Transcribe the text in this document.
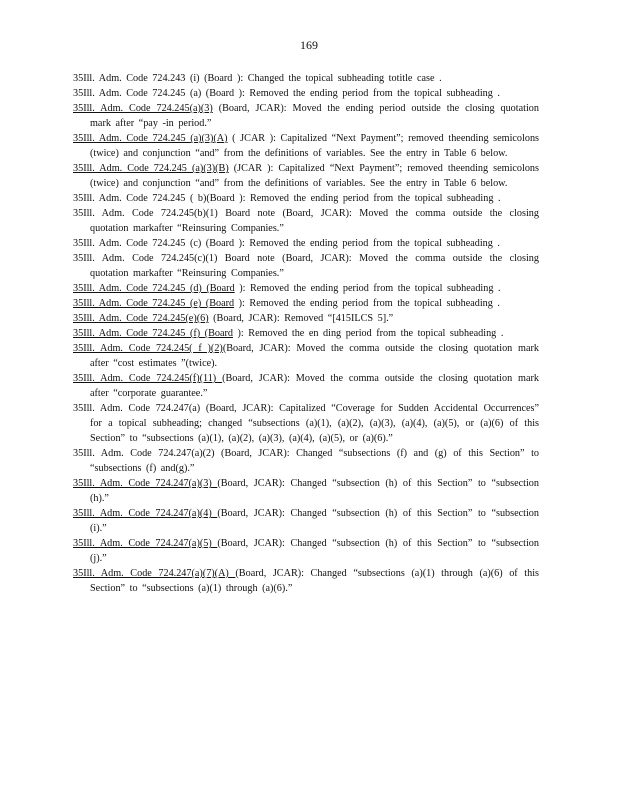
169

35Ill. Adm. Code 724.243 (i) (Board ): Changed the topical subheading totitle case .

35Ill. Adm. Code 724.245 (a) (Board ): Removed the ending period from the topical subheading .

35Ill. Adm. Code 724.245(a)(3) (Board, JCAR): Moved the ending period outside the closing quotation mark after “pay -in period.”

35Ill. Adm. Code 724.245 (a)(3)(A) ( JCAR ): Capitalized “Next Payment”; removed theending semicolons (twice) and conjunction “and” from the definitions of variables. See the entry in Table 6 below.

35Ill. Adm. Code 724.245 (a)(3)(B) (JCAR ): Capitalized “Next Payment”; removed theending semicolons (twice) and conjunction “and” from the definitions of variables. See the entry in Table 6 below.

35Ill. Adm. Code 724.245 ( b)(Board ): Removed the ending period from the topical subheading .

35Ill. Adm. Code 724.245(b)(1) Board note (Board, JCAR): Moved the comma outside the closing quotation markafter “Reinsuring Companies.”

35Ill. Adm. Code 724.245 (c) (Board ): Removed the ending period from the topical subheading .

35Ill. Adm. Code 724.245(c)(1) Board note (Board, JCAR): Moved the comma outside the closing quotation markafter “Reinsuring Companies.”

35Ill. Adm. Code 724.245 (d) (Board ): Removed the ending period from the topical subheading .

35Ill. Adm. Code 724.245 (e) (Board ): Removed the ending period from the topical subheading .

35Ill. Adm. Code 724.245(e)(6) (Board, JCAR): Removed “[415ILCS 5].”

35Ill. Adm. Code 724.245 (f) (Board ): Removed the en ding period from the topical subheading .

35Ill. Adm. Code 724.245( f )(2)(Board, JCAR): Moved the comma outside the closing quotation mark after “cost estimates ”(twice).

35Ill. Adm. Code 724.245(f)(11) (Board, JCAR): Moved the comma outside the closing quotation mark after “corporate guarantee.”

35Ill. Adm. Code 724.247(a) (Board, JCAR): Capitalized “Coverage for Sudden Accidental Occurrences” for a topical subheading; changed “subsections (a)(1), (a)(2), (a)(3), (a)(4), (a)(5), or (a)(6) of this Section” to “subsections (a)(1), (a)(2), (a)(3), (a)(4), (a)(5), or (a)(6).”

35Ill. Adm. Code 724.247(a)(2) (Board, JCAR): Changed “subsections (f) and (g) of this Section” to “subsections (f) and(g).”

35Ill. Adm. Code 724.247(a)(3) (Board, JCAR): Changed “subsection (h) of this Section” to “subsection (h).”

35Ill. Adm. Code 724.247(a)(4) (Board, JCAR): Changed “subsection (h) of this Section” to “subsection (i).”

35Ill. Adm. Code 724.247(a)(5) (Board, JCAR): Changed “subsection (h) of this Section” to “subsection (j).”

35Ill. Adm. Code 724.247(a)(7)(A) (Board, JCAR): Changed “subsections (a)(1) through (a)(6) of this Section” to “subsections (a)(1) through (a)(6).”
